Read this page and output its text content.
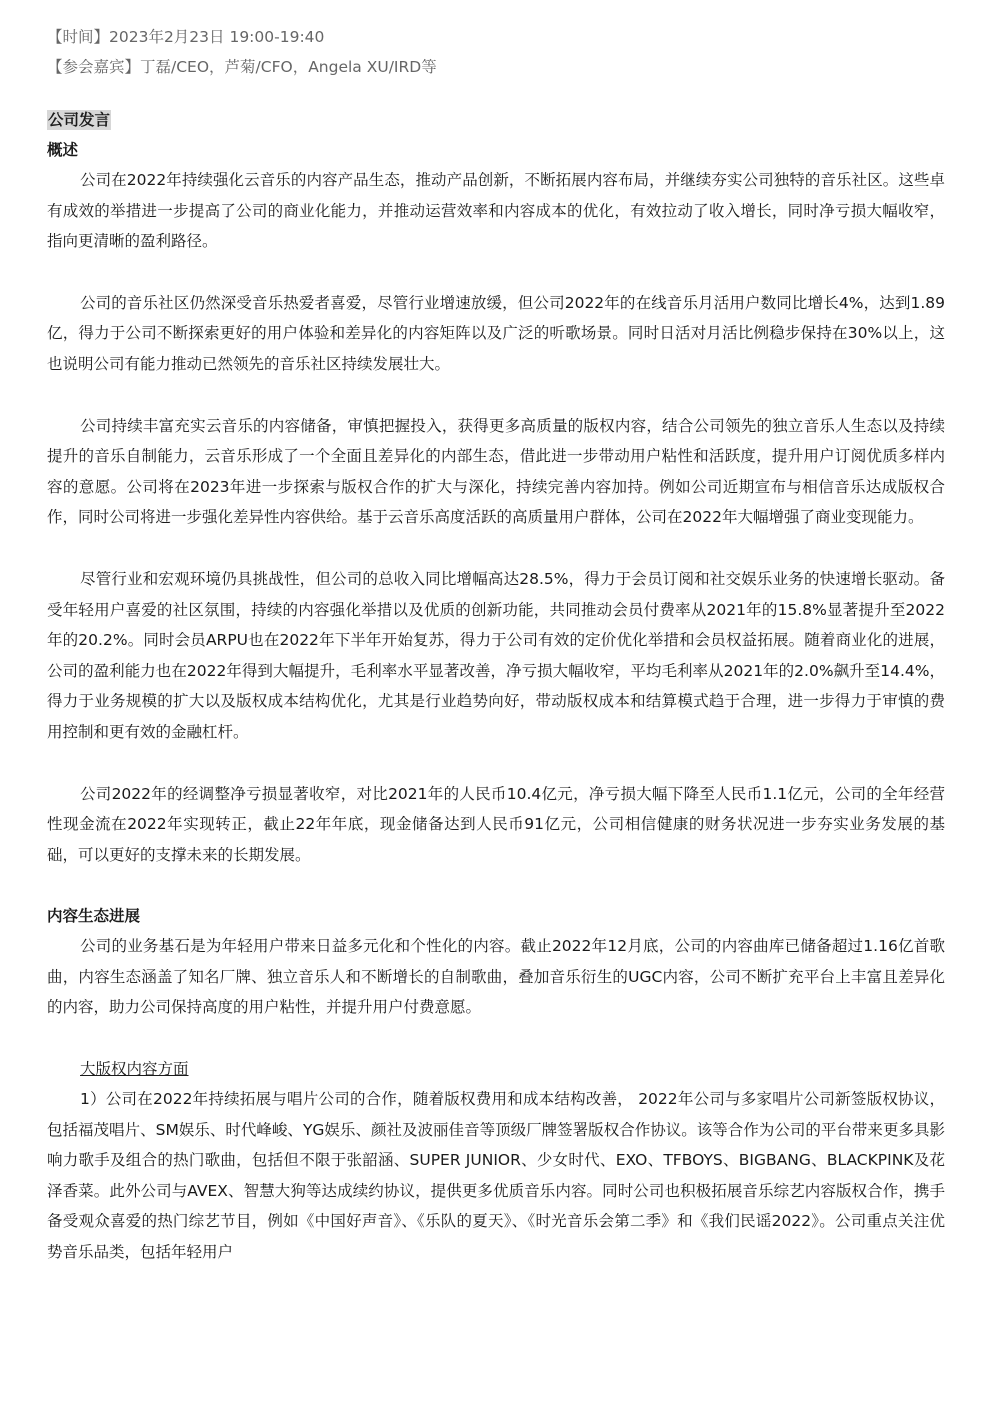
【时间】2023年2月23日 19:00-19:40

【参会嘉宾】丁磊/CEO，芦菊/CFO，Angela XU/IRD等

公司发言

概述

公司在2022年持续强化云音乐的内容产品生态，推动产品创新，不断拓展内容布局，并继续夯实公司独特的音乐社区。这些卓有成效的举措进一步提高了公司的商业化能力，并推动运营效率和内容成本的优化，有效拉动了收入增长，同时净亏损大幅收窄，指向更清晰的盈利路径。

公司的音乐社区仍然深受音乐热爱者喜爱，尽管行业增速放缓，但公司2022年的在线音乐月活用户数同比增长4%，达到1.89亿，得力于公司不断探索更好的用户体验和差异化的内容矩阵以及广泛的听歌场景。同时日活对月活比例稳步保持在30%以上，这也说明公司有能力推动已然领先的音乐社区持续发展壮大。

公司持续丰富充实云音乐的内容储备，审慎把握投入，获得更多高质量的版权内容，结合公司领先的独立音乐人生态以及持续提升的音乐自制能力，云音乐形成了一个全面且差异化的内部生态，借此进一步带动用户粘性和活跃度，提升用户订阅优质多样内容的意愿。公司将在2023年进一步探索与版权合作的扩大与深化，持续完善内容加持。例如公司近期宣布与相信音乐达成版权合作，同时公司将进一步强化差异性内容供给。基于云音乐高度活跃的高质量用户群体，公司在2022年大幅增强了商业变现能力。

尽管行业和宏观环境仍具挑战性，但公司的总收入同比增幅高达28.5%，得力于会员订阅和社交娱乐业务的快速增长驱动。备受年轻用户喜爱的社区氛围，持续的内容强化举措以及优质的创新功能，共同推动会员付费率从2021年的15.8%显著提升至2022年的20.2%。同时会员ARPU也在2022年下半年开始复苏，得力于公司有效的定价优化举措和会员权益拓展。随着商业化的进展，公司的盈利能力也在2022年得到大幅提升，毛利率水平显著改善，净亏损大幅收窄，平均毛利率从2021年的2.0%飙升至14.4%，得力于业务规模的扩大以及版权成本结构优化，尤其是行业趋势向好，带动版权成本和结算模式趋于合理，进一步得力于审慎的费用控制和更有效的金融杠杆。

公司2022年的经调整净亏损显著收窄，对比2021年的人民币10.4亿元，净亏损大幅下降至人民币1.1亿元，公司的全年经营性现金流在2022年实现转正，截止22年年底，现金储备达到人民币91亿元，公司相信健康的财务状况进一步夯实业务发展的基础，可以更好的支撑未来的长期发展。

内容生态进展

公司的业务基石是为年轻用户带来日益多元化和个性化的内容。截止2022年12月底，公司的内容曲库已储备超过1.16亿首歌曲，内容生态涵盖了知名厂牌、独立音乐人和不断增长的自制歌曲，叠加音乐衍生的UGC内容，公司不断扩充平台上丰富且差异化的内容，助力公司保持高度的用户粘性，并提升用户付费意愿。

大版权内容方面

1）公司在2022年持续拓展与唱片公司的合作，随着版权费用和成本结构改善， 2022年公司与多家唱片公司新签版权协议，包括福茂唱片、SM娱乐、时代峰峻、YG娱乐、颜社及波丽佳音等顶级厂牌签署版权合作协议。该等合作为公司的平台带来更多具影响力歌手及组合的热门歌曲，包括但不限于张韶涵、SUPER JUNIOR、少女时代、EXO、TFBOYS、BIGBANG、BLACKPINK及花泽香菜。此外公司与AVEX、智慧大狗等达成续约协议，提供更多优质音乐内容。同时公司也积极拓展音乐综艺内容版权合作，携手备受观众喜爱的热门综艺节目，例如《中国好声音》、《乐队的夏天》、《时光音乐会第二季》和《我们民谣2022》。公司重点关注优势音乐品类，包括年轻用户
